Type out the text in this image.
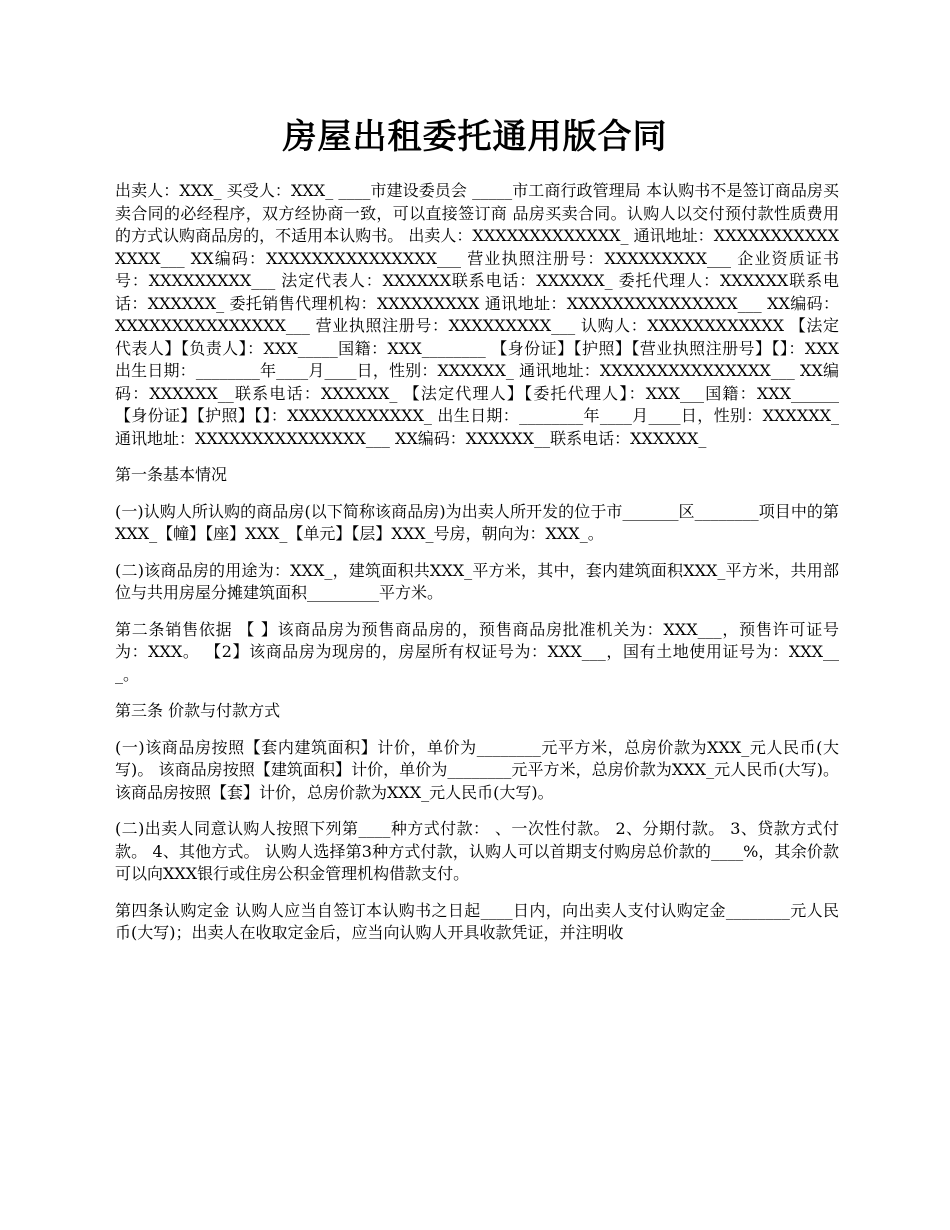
房屋出租委托通用版合同

出卖人：XXX_ 买受人：XXX_ ____市建设委员会 _____市工商行政管理局 本认购书不是签订商品房买卖合同的必经程序，双方经协商一致，可以直接签订商 品房买卖合同。认购人以交付预付款性质费用的方式认购商品房的，不适用本认购书。 出卖人：XXXXXXXXXXXXX_ 通讯地址：XXXXXXXXXXXXXXX___ XX编码：XXXXXXXXXXXXXXX___ 营业执照注册号：XXXXXXXXX___ 企业资质证书号：XXXXXXXXX___ 法定代表人：XXXXXX联系电话：XXXXXX_ 委托代理人：XXXXXX联系电话：XXXXXX_ 委托销售代理机构：XXXXXXXXX 通讯地址：XXXXXXXXXXXXXXX___ XX编码：XXXXXXXXXXXXXXX___ 营业执照注册号：XXXXXXXXX___ 认购人：XXXXXXXXXXXX 【法定代表人】【负责人】：XXX_____国籍：XXX________ 【身份证】【护照】【营业执照注册号】【】：XXX 出生日期：________年____月____日，性别：XXXXXX_ 通讯地址：XXXXXXXXXXXXXXX___ XX编码：XXXXXX__联系电话：XXXXXX_ 【法定代理人】【委托代理人】：XXX___国籍：XXX______ 【身份证】【护照】【】：XXXXXXXXXXXX_ 出生日期：________年____月____日，性别：XXXXXX_ 通讯地址：XXXXXXXXXXXXXXX___ XX编码：XXXXXX__联系电话：XXXXXX_

第一条基本情况

(一)认购人所认购的商品房(以下简称该商品房)为出卖人所开发的位于市_______区________项目中的第XXX_【幢】【座】XXX_【单元】【层】XXX_号房，朝向为：XXX_。

(二)该商品房的用途为：XXX_，建筑面积共XXX_平方米，其中，套内建筑面积XXX_平方米，共用部位与共用房屋分摊建筑面积_________平方米。

第二条销售依据 【 】该商品房为预售商品房的，预售商品房批准机关为：XXX___，预售许可证号为：XXX。 【2】该商品房为现房的，房屋所有权证号为：XXX___，国有土地使用证号为：XXX___。

第三条 价款与付款方式

(一)该商品房按照【套内建筑面积】计价，单价为________元平方米，总房价款为XXX_元人民币(大写)。 该商品房按照【建筑面积】计价，单价为________元平方米，总房价款为XXX_元人民币(大写)。 该商品房按照【套】计价，总房价款为XXX_元人民币(大写)。

(二)出卖人同意认购人按照下列第____种方式付款： 、一次性付款。 2、分期付款。 3、贷款方式付款。 4、其他方式。 认购人选择第3种方式付款，认购人可以首期支付购房总价款的____%，其余价款可以向XXX银行或住房公积金管理机构借款支付。

第四条认购定金 认购人应当自签订本认购书之日起____日内，向出卖人支付认购定金________元人民币(大写)；出卖人在收取定金后，应当向认购人开具收款凭证，并注明收
